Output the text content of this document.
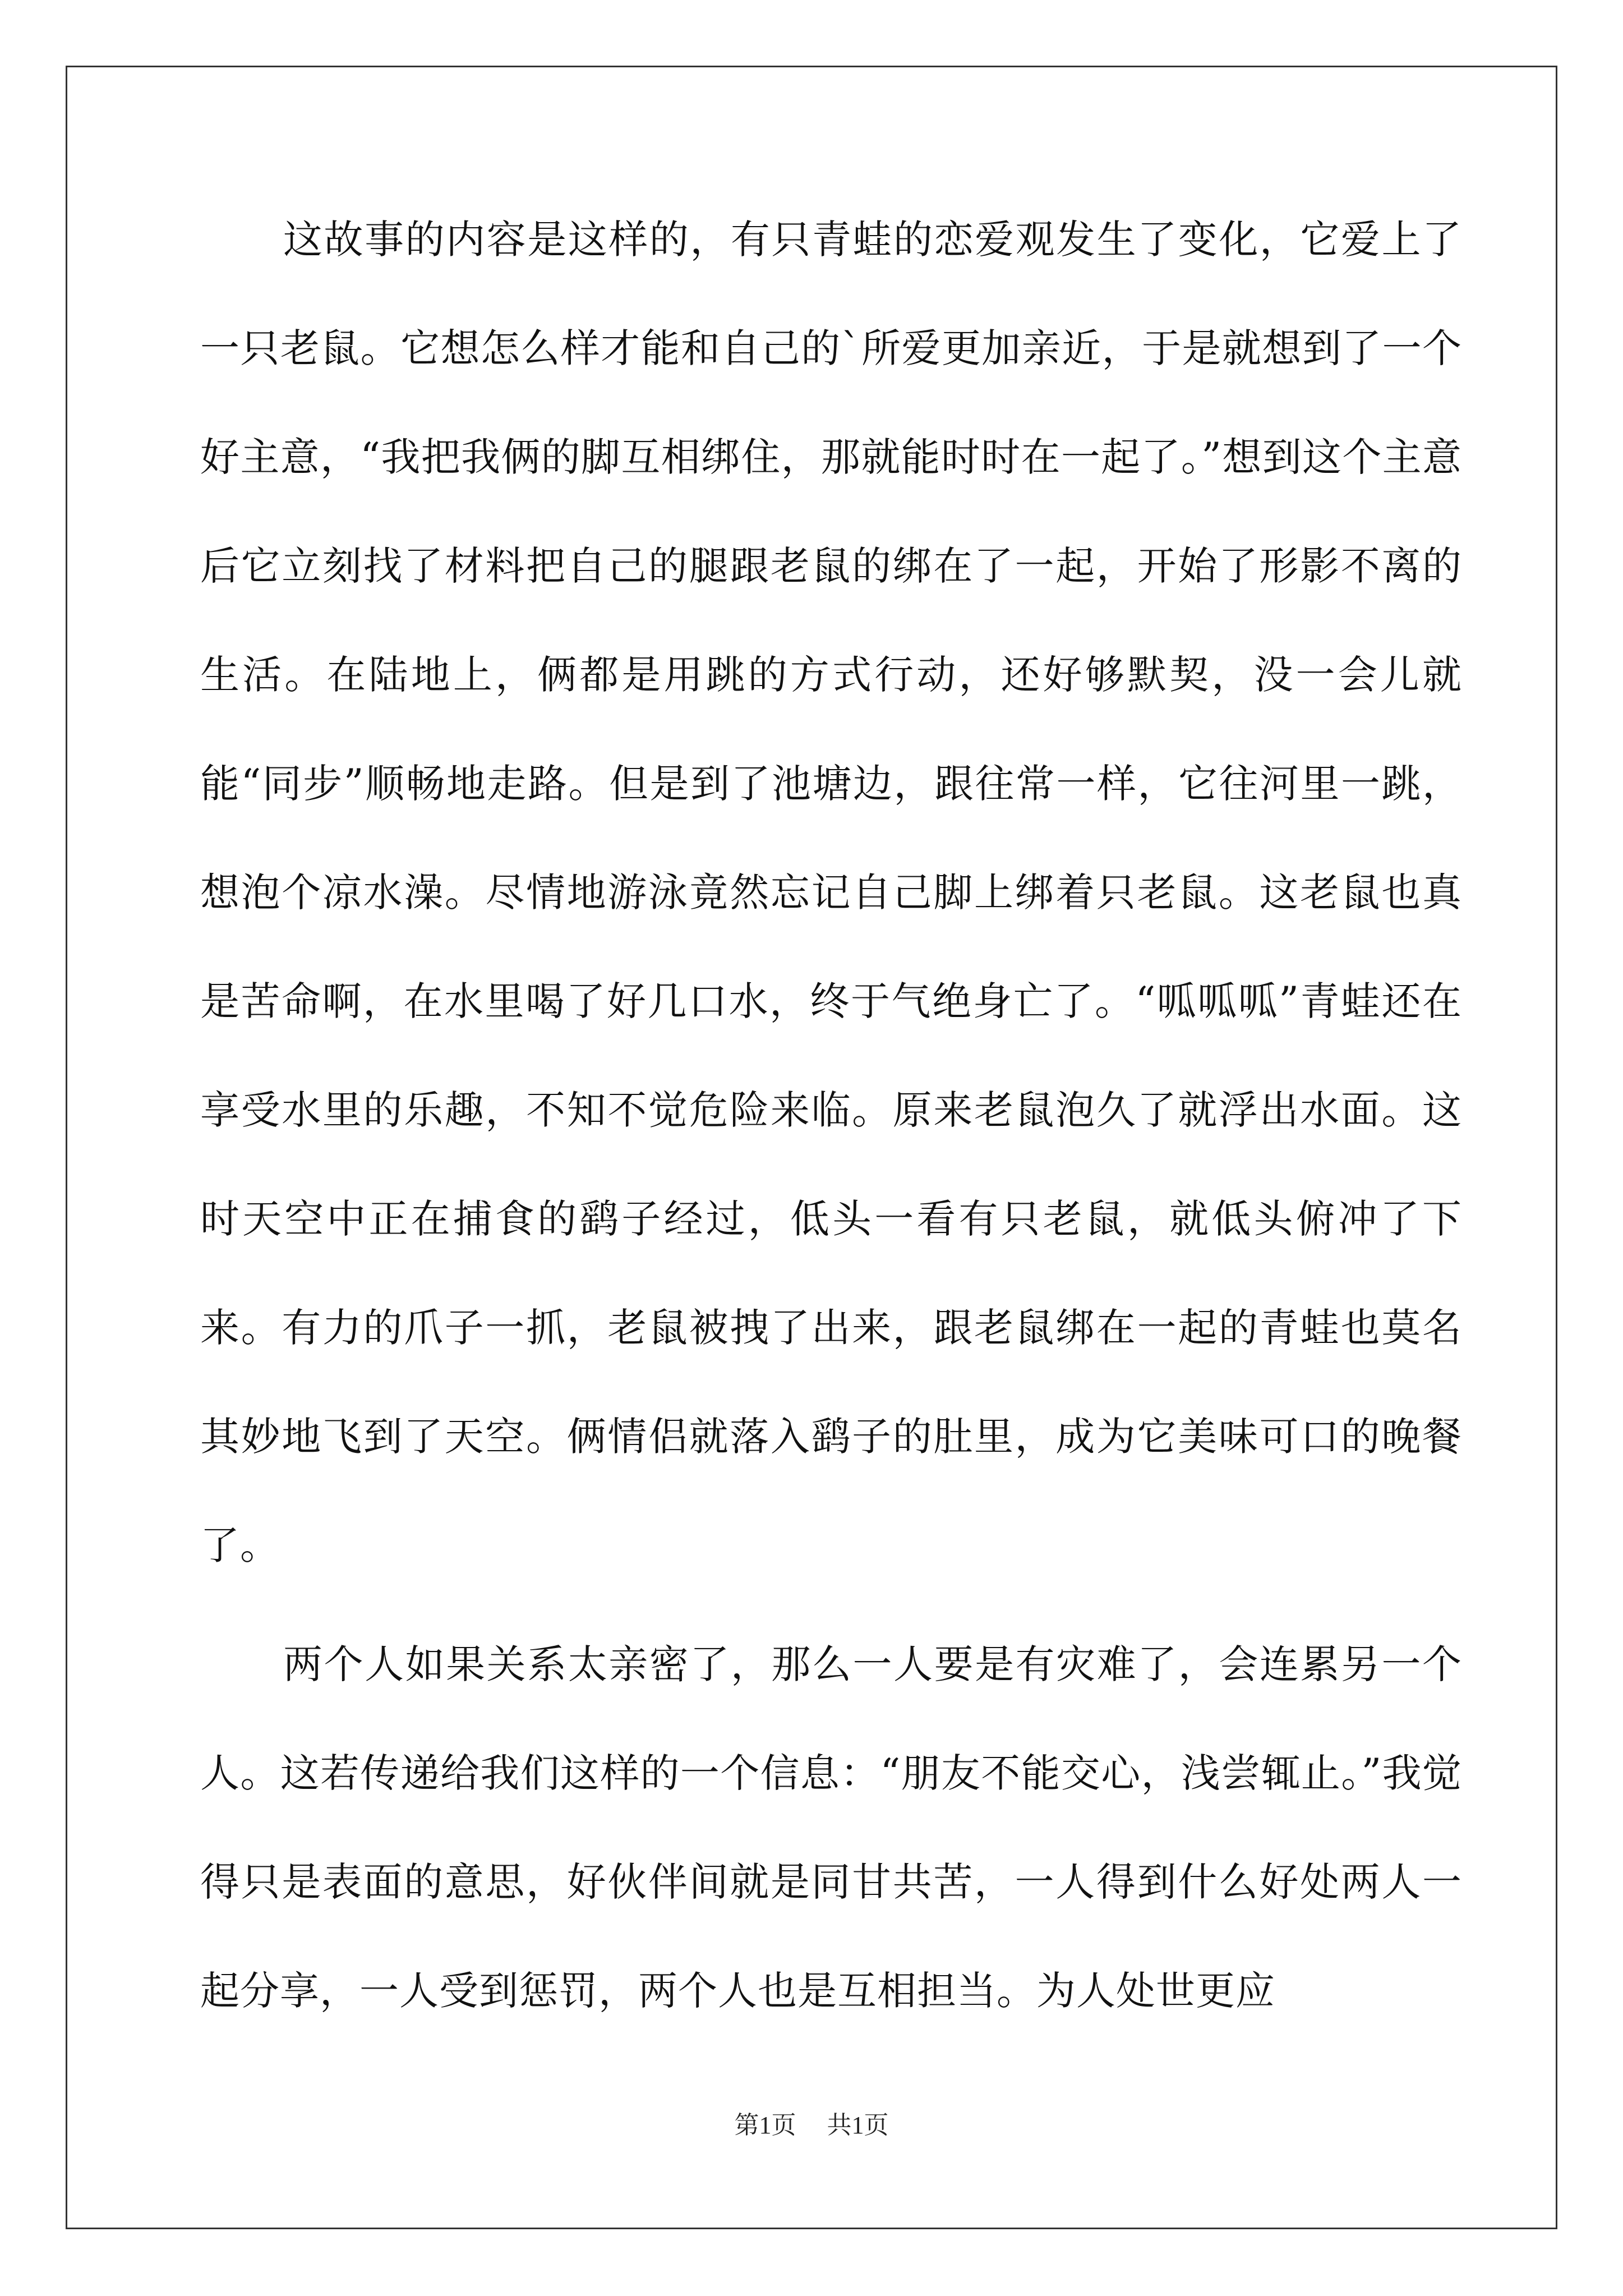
这故事的内容是这样的，有只青蛙的恋爱观发生了变化，它爱上了一只老鼠。它想怎么样才能和自己的`所爱更加亲近，于是就想到了一个好主意，“我把我俩的脚互相绑住，那就能时时在一起了。”想到这个主意后它立刻找了材料把自己的腿跟老鼠的绑在了一起，开始了形影不离的生活。在陆地上，俩都是用跳的方式行动，还好够默契，没一会儿就能“同步”顺畅地走路。但是到了池塘边，跟往常一样，它往河里一跳，想泡个凉水澡。尽情地游泳竟然忘记自己脚上绑着只老鼠。这老鼠也真是苦命啊，在水里喝了好几口水，终于气绝身亡了。“呱呱呱”青蛙还在享受水里的乐趣，不知不觉危险来临。原来老鼠泡久了就浮出水面。这时天空中正在捕食的鹞子经过，低头一看有只老鼠，就低头俯冲了下来。有力的爪子一抓，老鼠被拽了出来，跟老鼠绑在一起的青蛙也莫名其妙地飞到了天空。俩情侣就落入鹞子的肚里，成为它美味可口的晚餐了。

两个人如果关系太亲密了，那么一人要是有灾难了，会连累另一个人。这若传递给我们这样的一个信息：“朋友不能交心，浅尝辄止。”我觉得只是表面的意思，好伙伴间就是同甘共苦，一人得到什么好处两人一起分享，一人受到惩罚，两个人也是互相担当。为人处世更应

第1页 共1页
